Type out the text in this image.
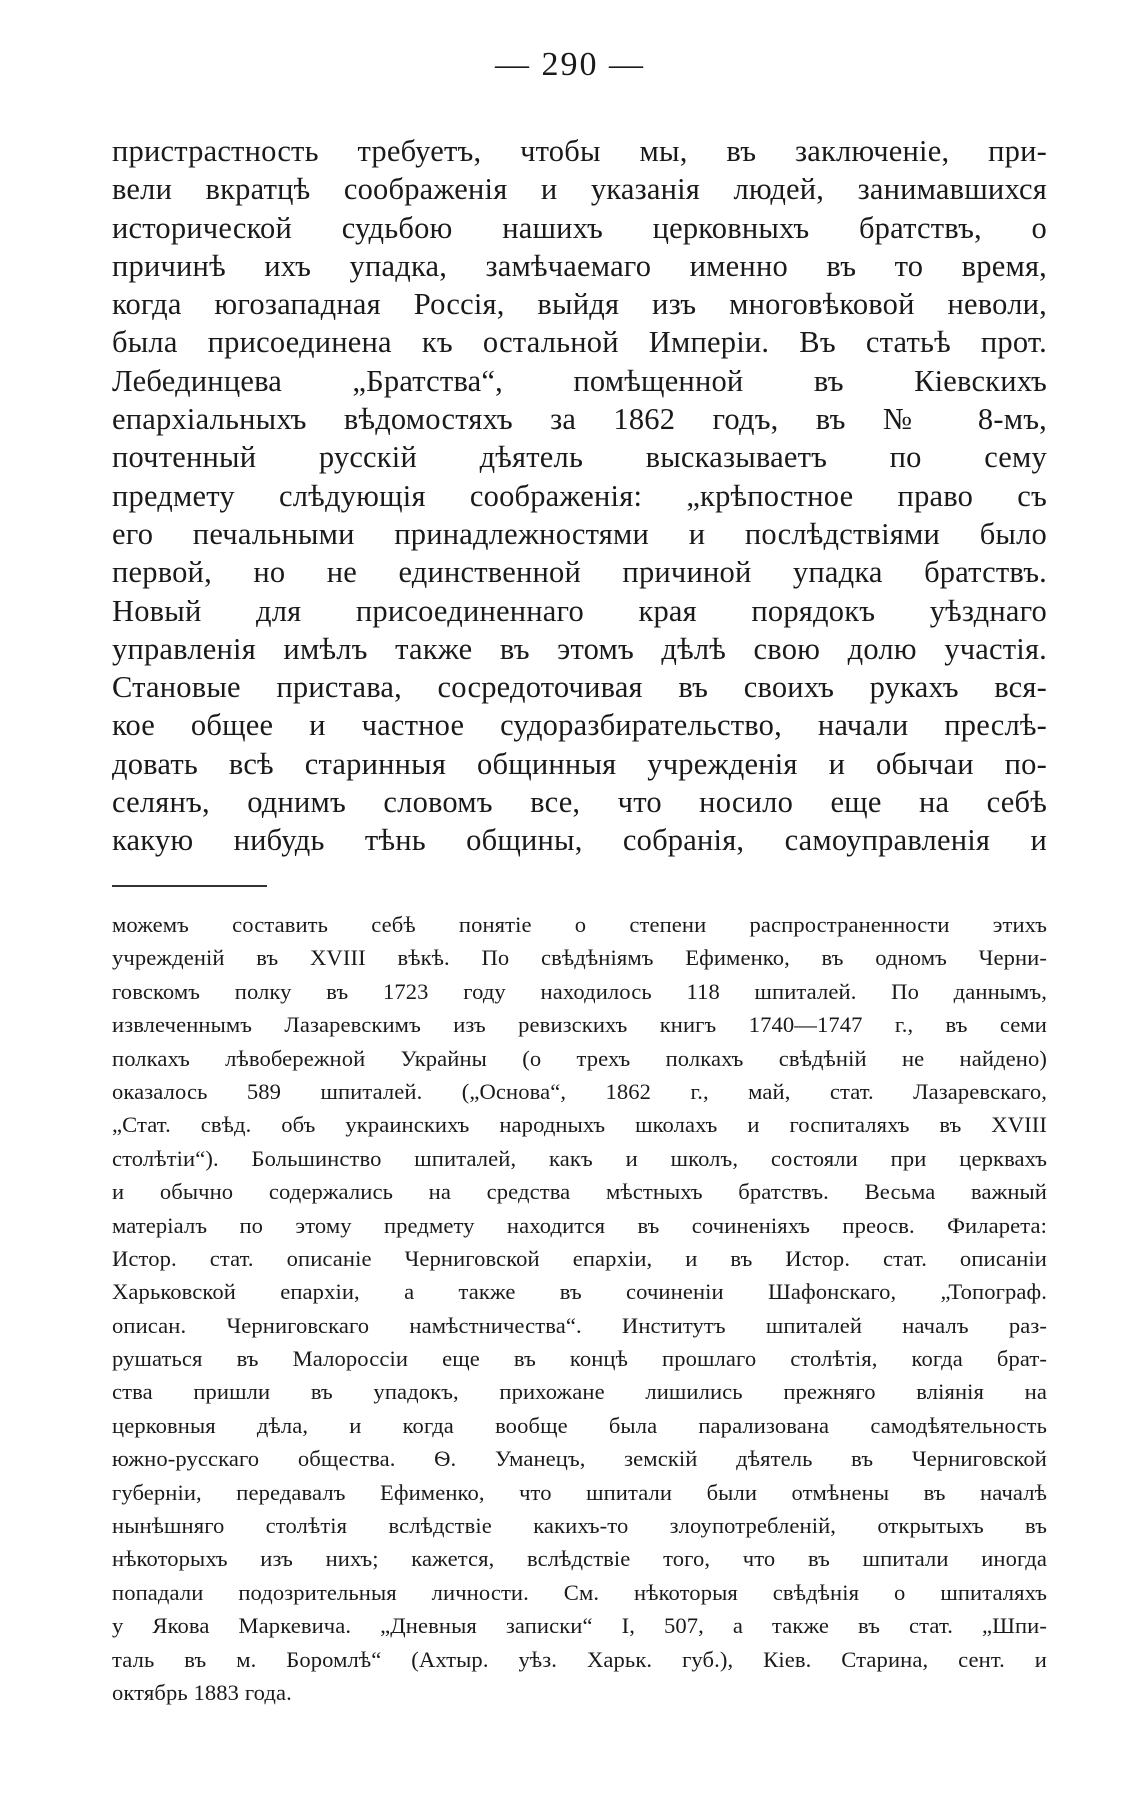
— 290 —
пристрастность требуетъ, чтобы мы, въ заключеніе, при-
вели вкратцѣ соображенія и указанія людей, занимавшихся
исторической судьбою нашихъ церковныхъ братствъ, о
причинѣ ихъ упадка, замѣчаемаго именно въ то время,
когда югозападная Россія, выйдя изъ многовѣковой неволи,
была присоединена къ остальной Имперіи. Въ статьѣ прот.
Лебединцева „Братства“, помѣщенной въ Кіевскихъ
епархіальныхъ вѣдомостяхъ за 1862 годъ, въ № 8-мъ,
почтенный русскій дѣятель высказываетъ по сему
предмету слѣдующія соображенія: „крѣпостное право съ
его печальными принадлежностями и послѣдствіями было
первой, но не единственной причиной упадка братствъ.
Новый для присоединеннаго края порядокъ уѣзднаго
управленія имѣлъ также въ этомъ дѣлѣ свою долю участія.
Становые пристава, сосредоточивая въ своихъ рукахъ вся-
кое общее и частное судоразбирательство, начали преслѣ-
довать всѣ старинныя общинныя учрежденія и обычаи по-
селянъ, однимъ словомъ все, что носило еще на себѣ
какую нибудь тѣнь общины, собранія, самоуправленія и
можемъ составить себѣ понятіе о степени распространенности этихъ
учрежденій въ XVIII вѣкѣ. По свѣдѣніямъ Ефименко, въ одномъ Черни-
говскомъ полку въ 1723 году находилось 118 шпиталей. По даннымъ,
извлеченнымъ Лазаревскимъ изъ ревизскихъ книгъ 1740—1747 г., въ семи
полкахъ лѣвобережной Украйны (о трехъ полкахъ свѣдѣній не найдено)
оказалось 589 шпиталей. („Основа“, 1862 г., май, стат. Лазаревскаго,
„Стат. свѣд. объ украинскихъ народныхъ школахъ и госпиталяхъ въ XVIII
столѣтіи“). Большинство шпиталей, какъ и школъ, состояли при церквахъ
и обычно содержались на средства мѣстныхъ братствъ. Весьма важный
матеріалъ по этому предмету находится въ сочиненіяхъ преосв. Филарета:
Истор. стат. описаніе Черниговской епархіи, и въ Истор. стат. описаніи
Харьковской епархіи, а также въ сочиненіи Шафонскаго, „Топограф.
описан. Черниговскаго намѣстничества“. Институтъ шпиталей началъ раз-
рушаться въ Малороссіи еще въ концѣ прошлаго столѣтія, когда брат-
ства пришли въ упадокъ, прихожане лишились прежняго вліянія на
церковныя дѣла, и когда вообще была парализована самодѣятельность
южно-русскаго общества. Ѳ. Уманецъ, земскій дѣятель въ Черниговской
губерніи, передавалъ Ефименко, что шпитали были отмѣнены въ началѣ
нынѣшняго столѣтія вслѣдствіе какихъ-то злоупотребленій, открытыхъ въ
нѣкоторыхъ изъ нихъ; кажется, вслѣдствіе того, что въ шпитали иногда
попадали подозрительныя личности. См. нѣкоторыя свѣдѣнія о шпиталяхъ
у Якова Маркевича. „Дневныя записки“ I, 507, а также въ стат. „Шпи-
таль въ м. Боромлѣ“ (Ахтыр. уѣз. Харьк. губ.), Кіев. Старина, сент. и
октябрь 1883 года.
